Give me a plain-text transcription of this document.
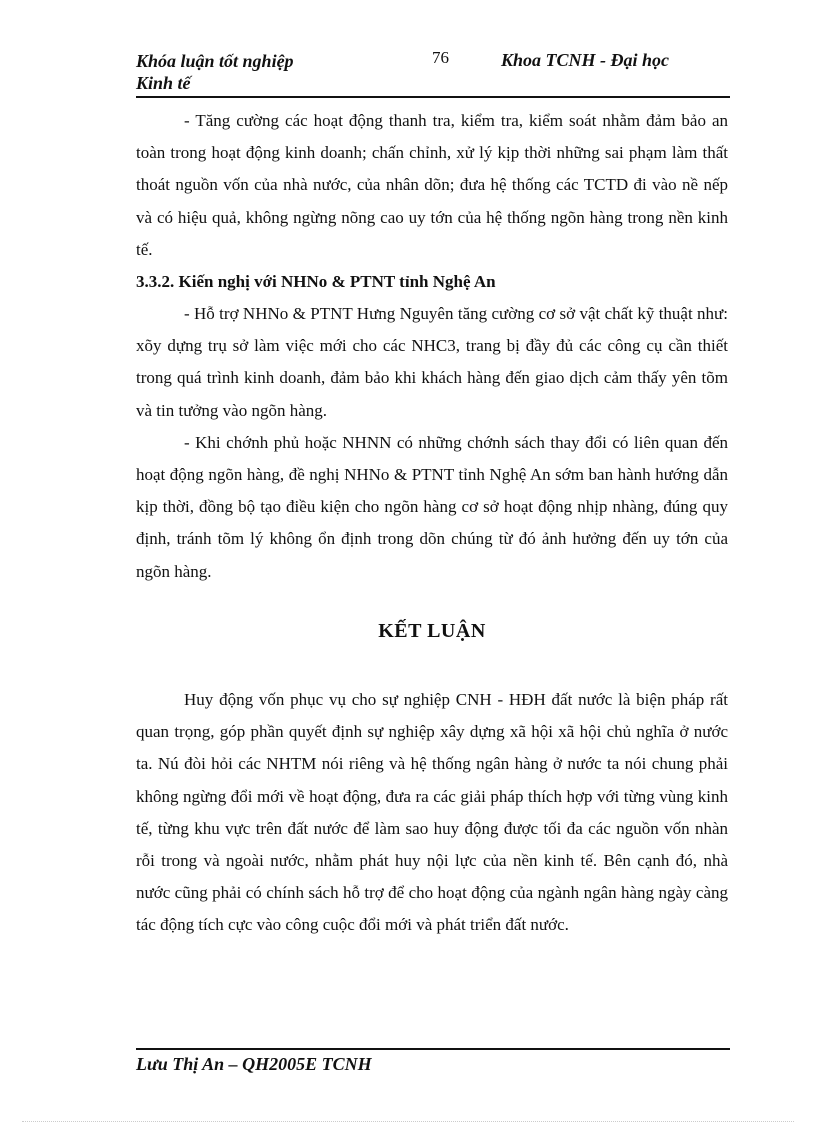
Khóa luận tốt nghiệp
Kinh tế
76	Khoa TCNH - Đại học

- Tăng cường các hoạt động thanh tra, kiểm tra, kiểm soát nhằm đảm bảo an toàn trong hoạt động kinh doanh; chấn chỉnh, xử lý kịp thời những sai phạm làm thất thoát nguồn vốn của nhà nước, của nhân dõn; đưa hệ thống các TCTD đi vào nề nếp và có hiệu quả, không ngừng nõng cao uy tớn của hệ thống ngõn hàng trong nền kinh tế.

3.3.2. Kiến nghị với NHNo & PTNT tỉnh Nghệ An

- Hỗ trợ NHNo & PTNT Hưng Nguyên tăng cường cơ sở vật chất kỹ thuật như: xõy dựng trụ sở làm việc mới cho các NHC3, trang bị đầy đủ các công cụ cần thiết trong quá trình kinh doanh, đảm bảo khi khách hàng đến giao dịch cảm thấy yên tõm và tin tưởng vào ngõn hàng.

- Khi chớnh phủ hoặc NHNN có những chớnh sách thay đổi có liên quan đến hoạt động ngõn hàng, đề nghị NHNo & PTNT tỉnh Nghệ An sớm ban hành hướng dẫn kịp thời, đồng bộ tạo điều kiện cho ngõn hàng cơ sở hoạt động nhịp nhàng, đúng quy định, tránh tõm lý không ổn định trong dõn chúng từ đó ảnh hưởng đến uy tớn của ngõn hàng.

KẾT LUẬN

Huy động vốn phục vụ cho sự nghiệp CNH - HĐH đất nước là biện pháp rất quan trọng, góp phần quyết định sự nghiệp xây dựng xã hội xã hội chủ nghĩa ở nước ta. Nú đòi hỏi các NHTM nói riêng và hệ thống ngân hàng ở nước ta nói chung phải không ngừng đổi mới về hoạt động, đưa ra các giải pháp thích hợp với từng vùng kinh tế, từng khu vực trên đất nước để làm sao huy động được tối đa các nguồn vốn nhàn rỗi trong và ngoài nước, nhằm phát huy nội lực của nền kinh tế. Bên cạnh đó, nhà nước cũng phải có chính sách hỗ trợ để cho hoạt động của ngành ngân hàng ngày càng tác động tích cực vào công cuộc đổi mới và phát triển đất nước.

Lưu Thị An – QH2005E TCNH
